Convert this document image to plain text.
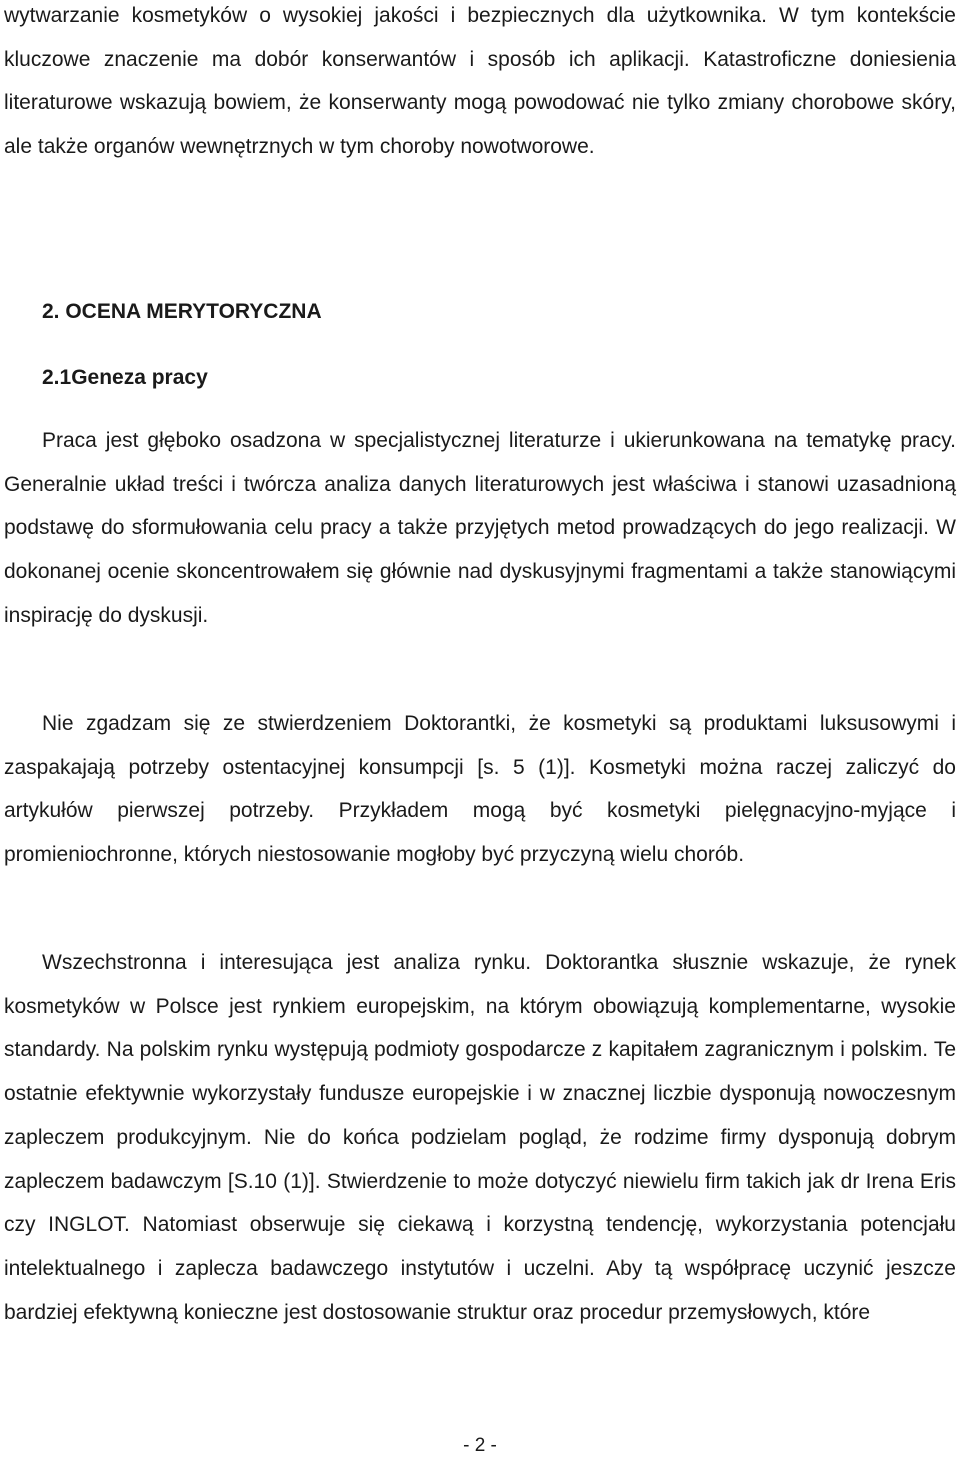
wytwarzanie kosmetyków o wysokiej jakości i bezpiecznych dla użytkownika. W tym kontekście kluczowe znaczenie ma dobór konserwantów i sposób ich aplikacji. Katastroficzne doniesienia literaturowe wskazują bowiem, że konserwanty mogą powodować nie tylko zmiany chorobowe skóry, ale także organów wewnętrznych w tym choroby nowotworowe.

2. OCENA MERYTORYCZNA
2.1Geneza pracy

Praca jest głęboko osadzona w specjalistycznej literaturze i ukierunkowana na tematykę pracy. Generalnie układ treści i twórcza analiza danych literaturowych jest właściwa i stanowi uzasadnioną podstawę do sformułowania celu pracy a także przyjętych metod prowadzących do jego realizacji. W dokonanej ocenie skoncentrowałem się głównie nad dyskusyjnymi fragmentami a także stanowiącymi inspirację do dyskusji.

Nie zgadzam się ze stwierdzeniem Doktorantki, że kosmetyki są produktami luksusowymi i zaspakajają potrzeby ostentacyjnej konsumpcji [s. 5 (1)]. Kosmetyki można raczej zaliczyć do artykułów pierwszej potrzeby. Przykładem mogą być kosmetyki pielęgnacyjno-myjące i promieniochronne, których niestosowanie mogłoby być przyczyną wielu chorób.

Wszechstronna i interesująca jest analiza rynku. Doktorantka słusznie wskazuje, że rynek kosmetyków w Polsce jest rynkiem europejskim, na którym obowiązują komplementarne, wysokie standardy. Na polskim rynku występują podmioty gospodarcze z kapitałem zagranicznym i polskim. Te ostatnie efektywnie wykorzystały fundusze europejskie i w znacznej liczbie dysponują nowoczesnym zapleczem produkcyjnym. Nie do końca podzielam pogląd, że rodzime firmy dysponują dobrym zapleczem badawczym [S.10 (1)]. Stwierdzenie to może dotyczyć niewielu firm takich jak dr Irena Eris czy INGLOT. Natomiast obserwuje się ciekawą i korzystną tendencję, wykorzystania potencjału intelektualnego i zaplecza badawczego instytutów i uczelni. Aby tą współpracę uczynić jeszcze bardziej efektywną konieczne jest dostosowanie struktur oraz procedur przemysłowych, które

- 2 -
